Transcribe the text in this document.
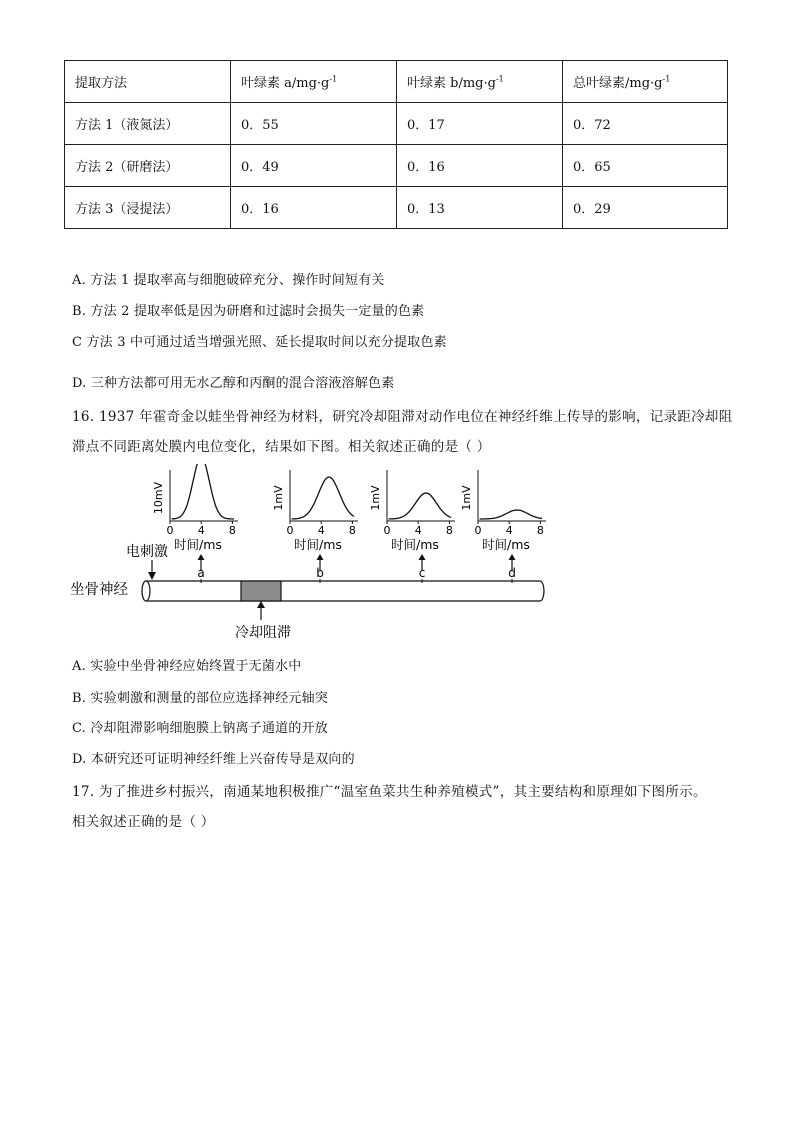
提取方法	叶绿素 $a/mg\cdot g^{-1}$	叶绿素 $b/mg\cdot g^{-1}$	总叶绿素$/mg\cdot g^{-1}$
方法 1（液氮法）	0．55	0．17	0．72
方法 2（研磨法）	0．49	0．16	0．65
方法 3（浸提法）	0．16	0．13	0．29
A. 方法 1 提取率高与细胞破碎充分、操作时间短有关
B. 方法 2 提取率低是因为研磨和过滤时会损失一定量的色素
C 方法 3 中可通过适当增强光照、延长提取时间以充分提取色素
D. 三种方法都可用无水乙醇和丙酮的混合溶液溶解色素
16. 1937 年霍奇金以蛙坐骨神经为材料，研究冷却阻滞对动作电位在神经纤维上传导的影响，记录距冷却阻
滞点不同距离处膜内电位变化，结果如下图。相关叙述正确的是（ ）
10mV
0 4 8
时间/ms
1mV
0 4 8
时间/ms
1mV
0 4 8
时间/ms
1mV
0 4 8
时间/ms
电刺激
坐骨神经
冷却阻滞
a	b	c	d
A. 实验中坐骨神经应始终置于无菌水中
B. 实验刺激和测量的部位应选择神经元轴突
C. 冷却阻滞影响细胞膜上钠离子通道的开放
D. 本研究还可证明神经纤维上兴奋传导是双向的
17. 为了推进乡村振兴，南通某地积极推广“温室鱼菜共生种养殖模式”，其主要结构和原理如下图所示。
相关叙述正确的是（ ）
